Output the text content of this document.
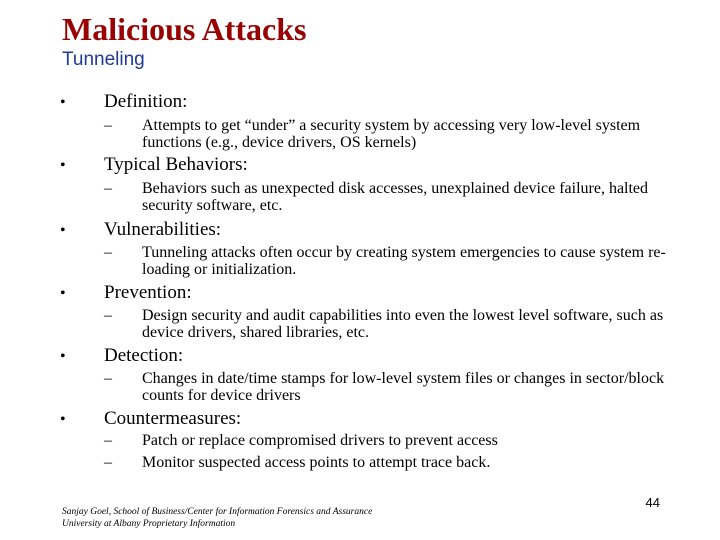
Malicious Attacks
Tunneling
• Definition:
– Attempts to get “under” a security system by accessing very low-level system functions (e.g., device drivers, OS kernels)
• Typical Behaviors:
– Behaviors such as unexpected disk accesses, unexplained device failure, halted security software, etc.
• Vulnerabilities:
– Tunneling attacks often occur by creating system emergencies to cause system re-loading or initialization.
• Prevention:
– Design security and audit capabilities into even the lowest level software, such as device drivers, shared libraries, etc.
• Detection:
– Changes in date/time stamps for low-level system files or changes in sector/block counts for device drivers
• Countermeasures:
– Patch or replace compromised drivers to prevent access
– Monitor suspected access points to attempt trace back.
Sanjay Goel, School of Business/Center for Information Forensics and Assurance
University at Albany Proprietary Information
44
